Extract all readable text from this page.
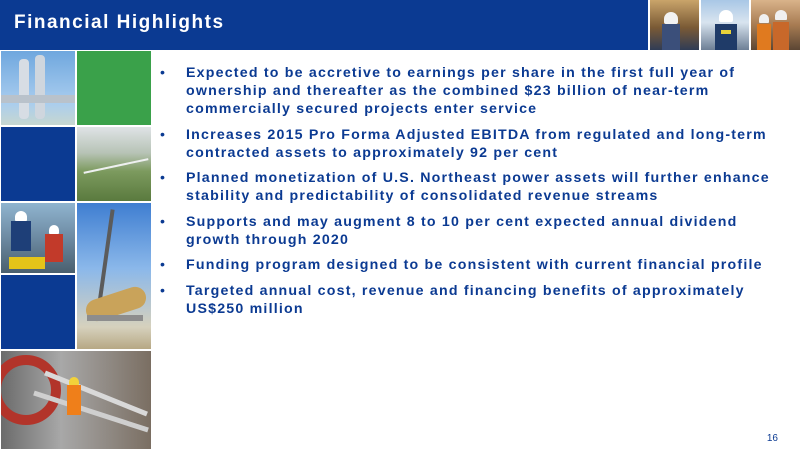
Financial Highlights
• Expected to be accretive to earnings per share in the first full year of ownership and thereafter as the combined $23 billion of near-term commercially secured projects enter service
• Increases 2015 Pro Forma Adjusted EBITDA from regulated and long-term contracted assets to approximately 92 per cent
• Planned monetization of U.S. Northeast power assets will further enhance stability and predictability of consolidated revenue streams
• Supports and may augment 8 to 10 per cent expected annual dividend growth through 2020
• Funding program designed to be consistent with current financial profile
• Targeted annual cost, revenue and financing benefits of approximately US$250 million
16
